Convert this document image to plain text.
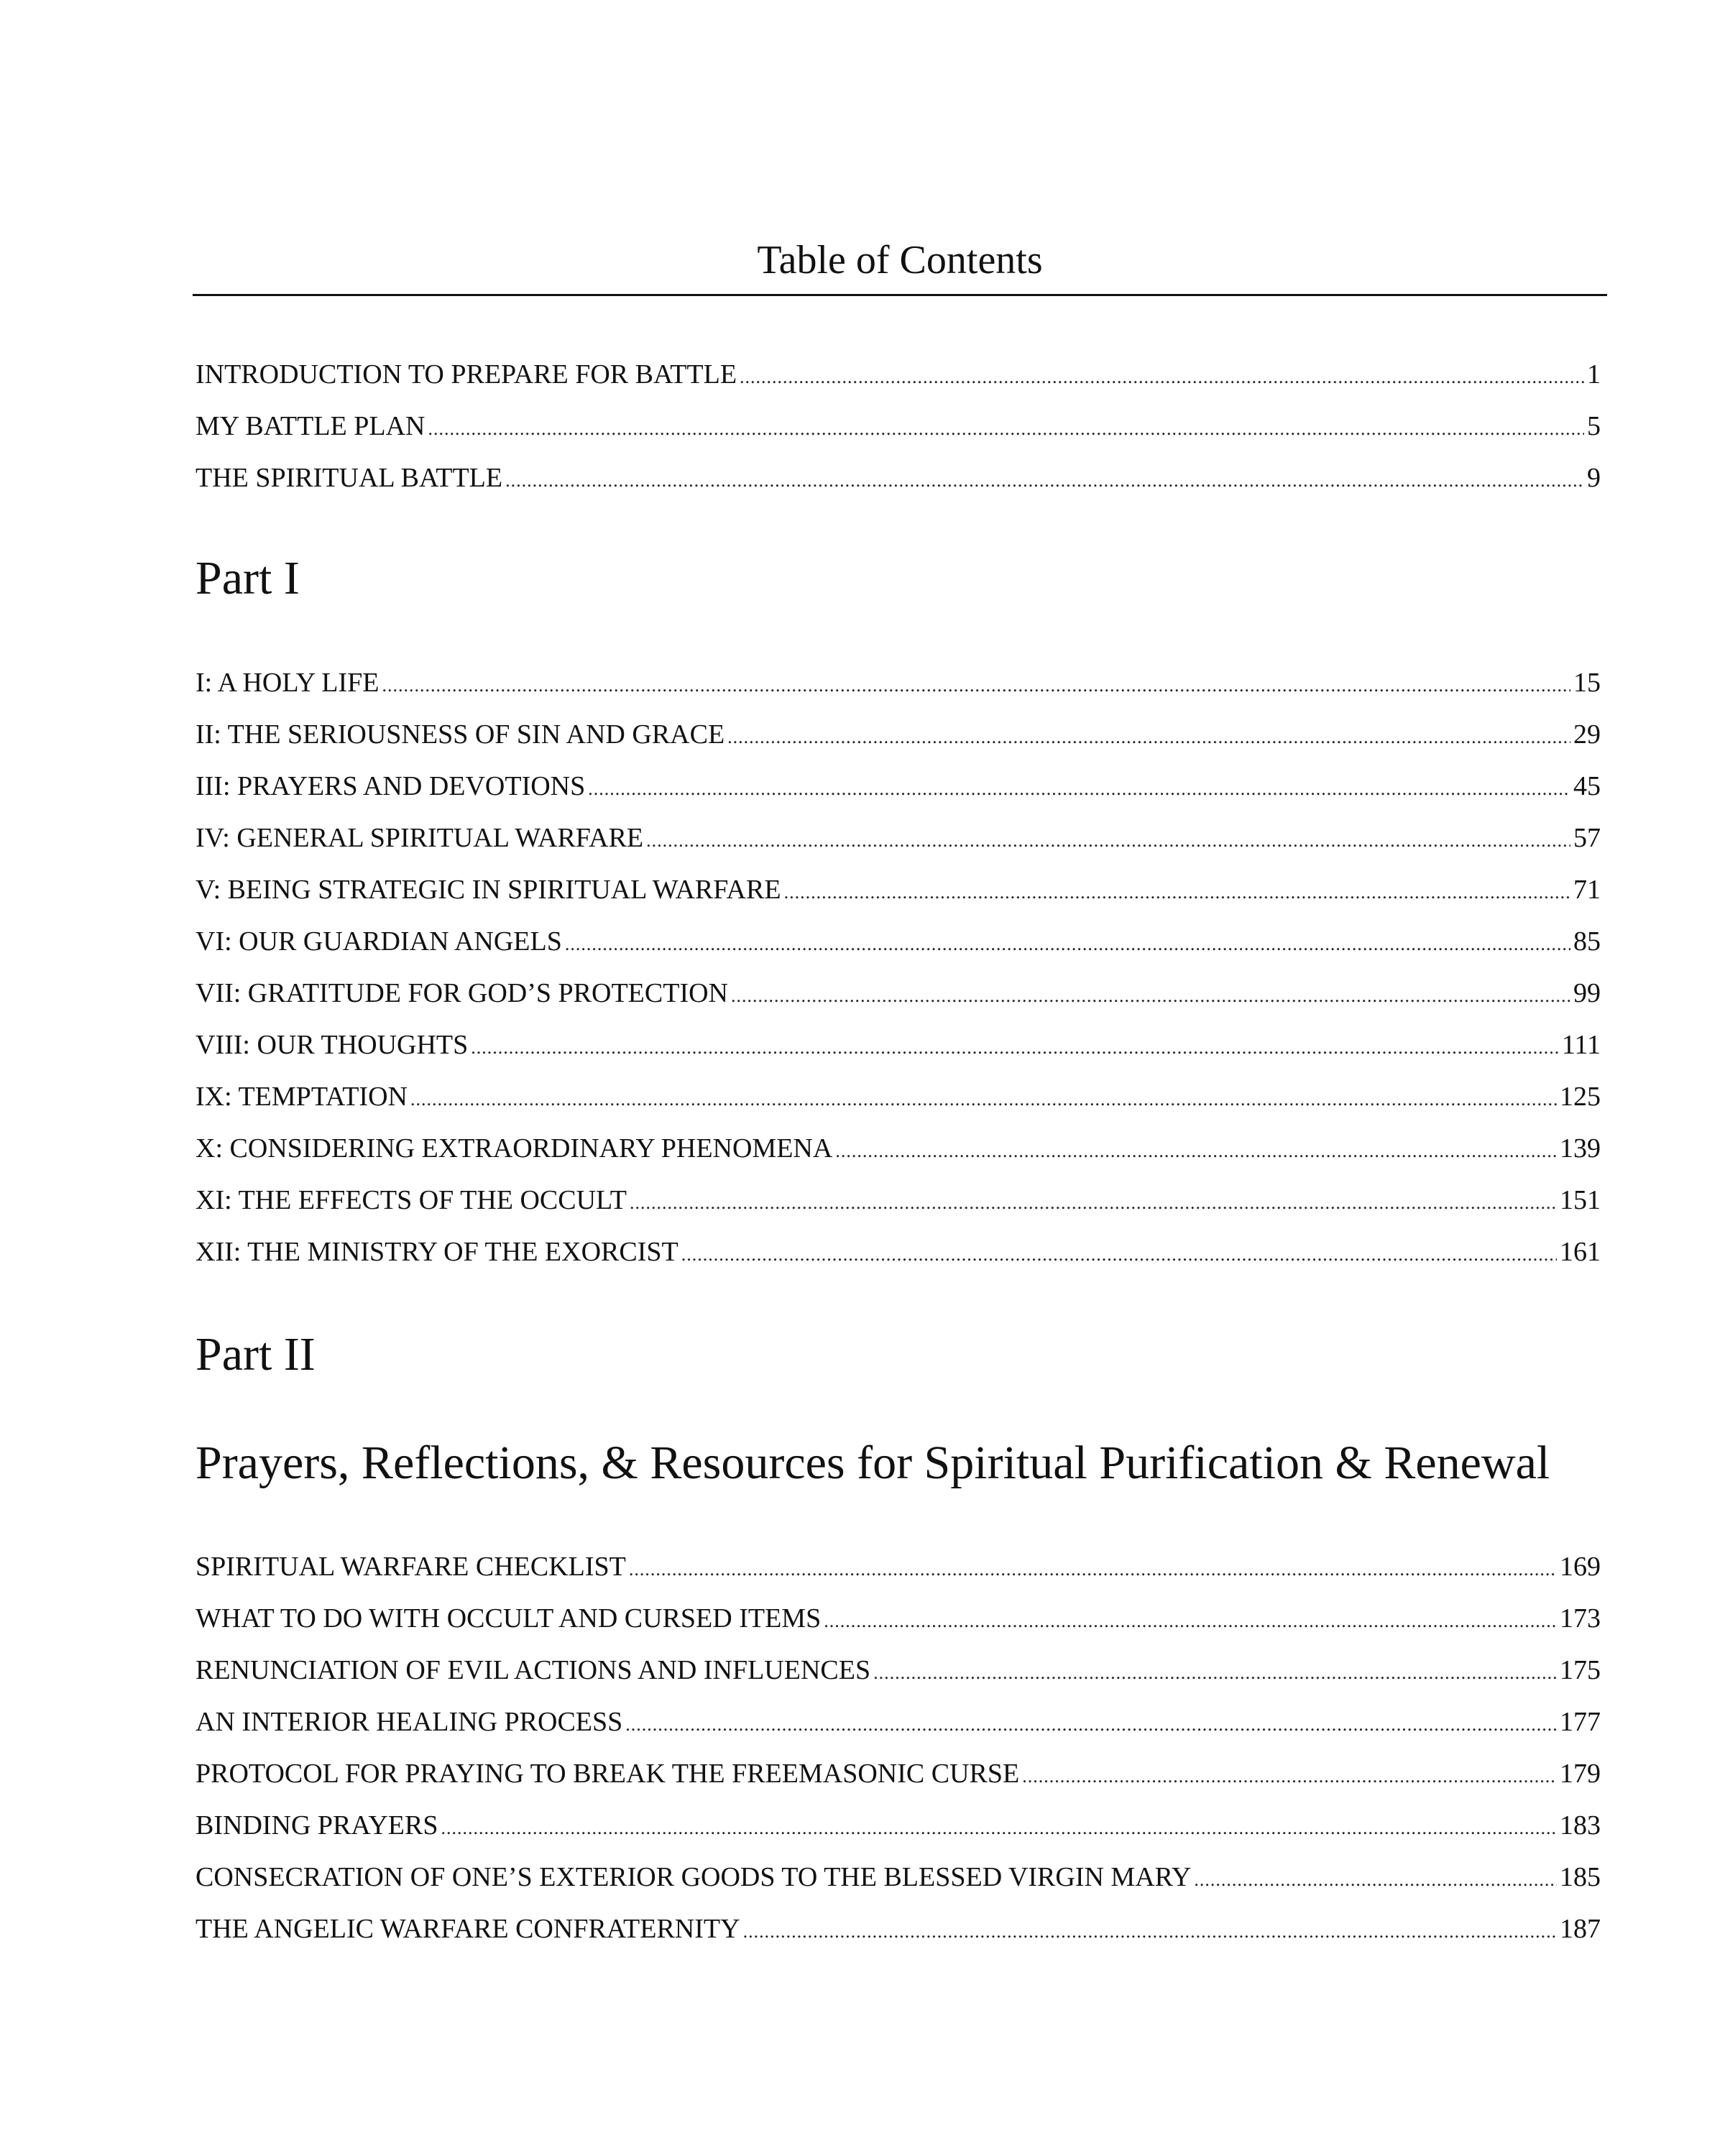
Table of Contents
INTRODUCTION TO PREPARE FOR BATTLE .....	1
MY BATTLE PLAN .....	5
THE SPIRITUAL BATTLE .....	9
Part I
I: A HOLY LIFE .....	15
II: THE SERIOUSNESS OF SIN AND GRACE .....	29
III: PRAYERS AND DEVOTIONS .....	45
IV: GENERAL SPIRITUAL WARFARE .....	57
V: BEING STRATEGIC IN SPIRITUAL WARFARE .....	71
VI: OUR GUARDIAN ANGELS .....	85
VII: GRATITUDE FOR GOD’S PROTECTION .....	99
VIII: OUR THOUGHTS .....	111
IX: TEMPTATION .....	125
X: CONSIDERING EXTRAORDINARY PHENOMENA .....	139
XI: THE EFFECTS OF THE OCCULT .....	151
XII: THE MINISTRY OF THE EXORCIST .....	161
Part II
Prayers, Reflections, & Resources for Spiritual Purification & Renewal
SPIRITUAL WARFARE CHECKLIST .....	169
WHAT TO DO WITH OCCULT AND CURSED ITEMS .....	173
RENUNCIATION OF EVIL ACTIONS AND INFLUENCES .....	175
AN INTERIOR HEALING PROCESS .....	177
PROTOCOL FOR PRAYING TO BREAK THE FREEMASONIC CURSE .....	179
BINDING PRAYERS .....	183
CONSECRATION OF ONE’S EXTERIOR GOODS TO THE BLESSED VIRGIN MARY .....	185
THE ANGELIC WARFARE CONFRATERNITY .....	187
